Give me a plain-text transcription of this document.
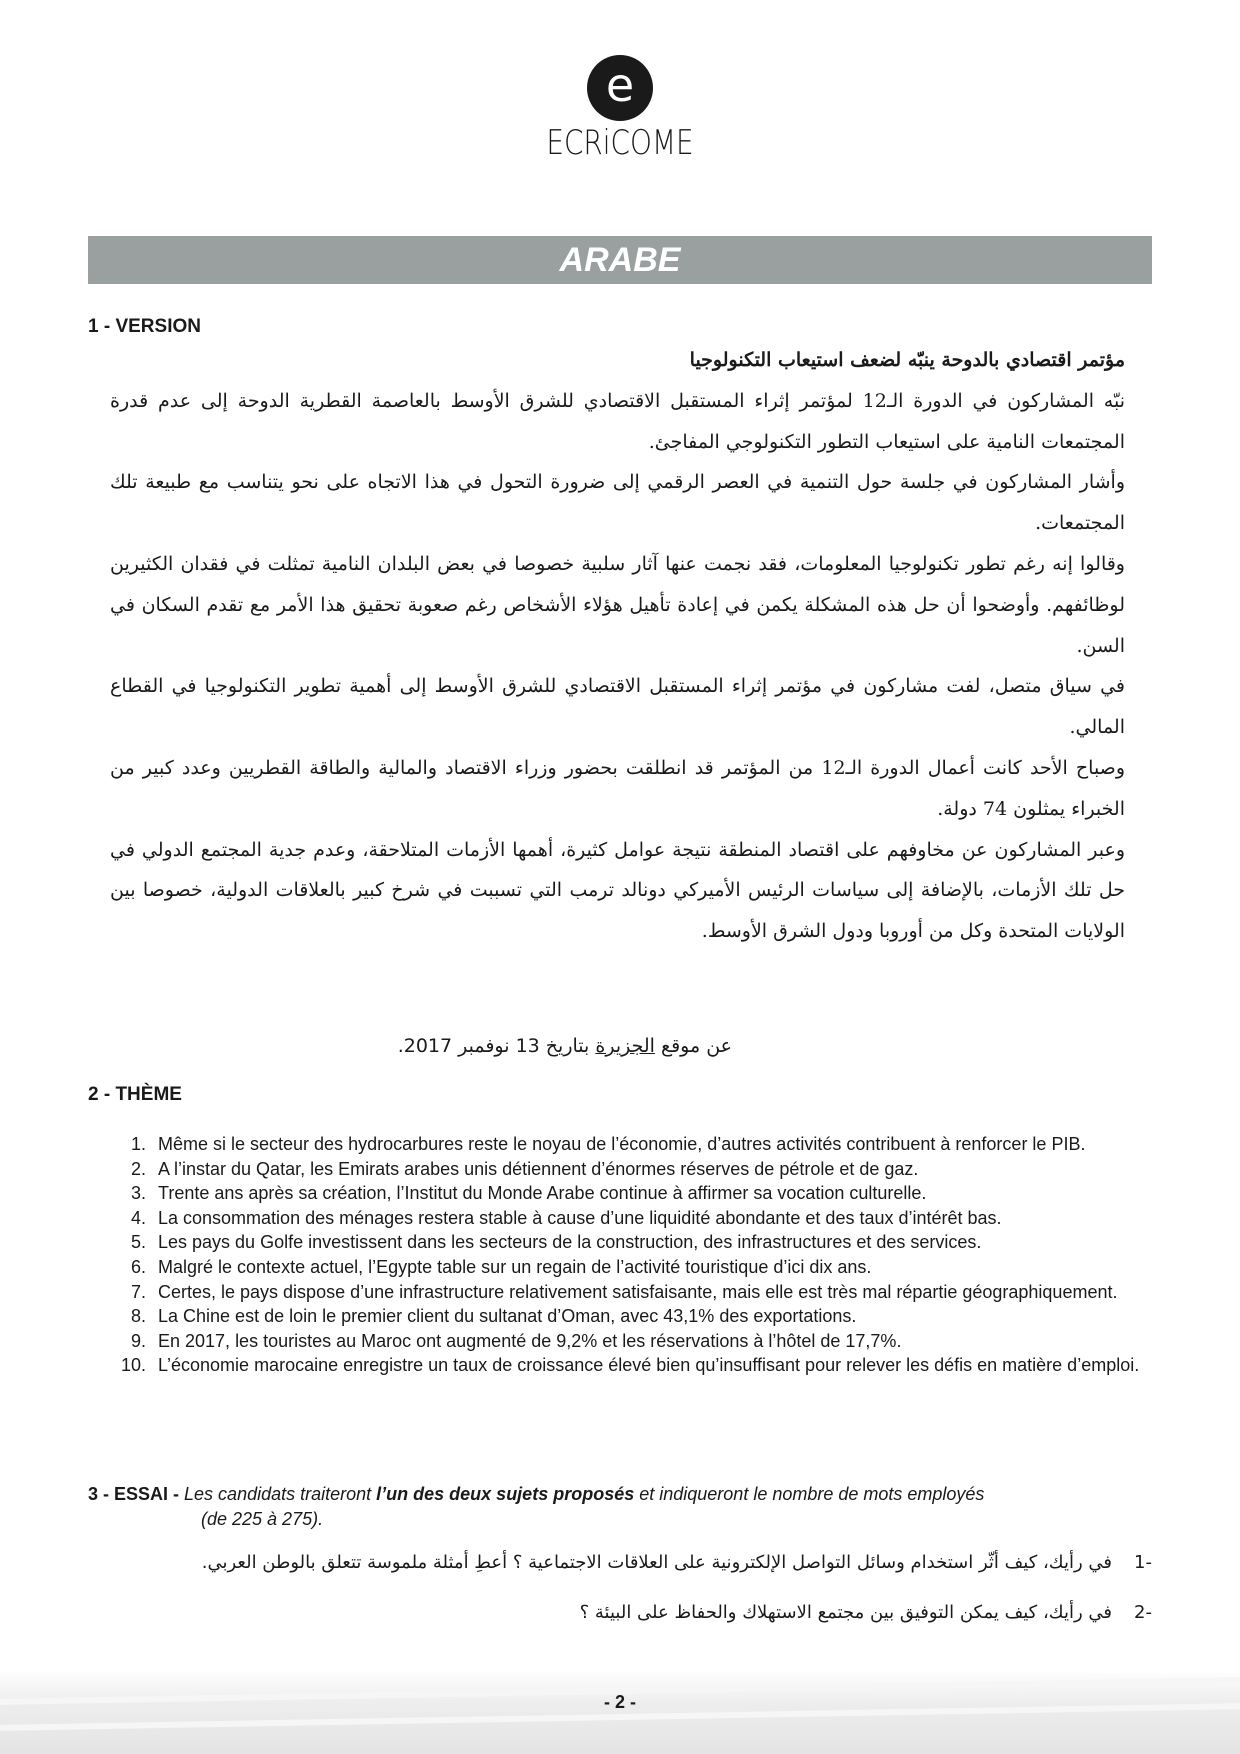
e
ECRiCOME
ARABE
1 - VERSION

مؤتمر اقتصادي بالدوحة ينبّه لضعف استيعاب التكنولوجيا

نبّه المشاركون في الدورة الـ12 لمؤتمر إثراء المستقبل الاقتصادي للشرق الأوسط بالعاصمة القطرية الدوحة إلى عدم قدرة المجتمعات النامية على استيعاب التطور التكنولوجي المفاجئ.

وأشار المشاركون في جلسة حول التنمية في العصر الرقمي إلى ضرورة التحول في هذا الاتجاه على نحو يتناسب مع طبيعة تلك المجتمعات.

وقالوا إنه رغم تطور تكنولوجيا المعلومات، فقد نجمت عنها آثار سلبية خصوصا في بعض البلدان النامية تمثلت في فقدان الكثيرين لوظائفهم. وأوضحوا أن حل هذه المشكلة يكمن في إعادة تأهيل هؤلاء الأشخاص رغم صعوبة تحقيق هذا الأمر مع تقدم السكان في السن.

في سياق متصل، لفت مشاركون في مؤتمر إثراء المستقبل الاقتصادي للشرق الأوسط إلى أهمية تطوير التكنولوجيا في القطاع المالي.

وصباح الأحد كانت أعمال الدورة الـ12 من المؤتمر قد انطلقت بحضور وزراء الاقتصاد والمالية والطاقة القطريين وعدد كبير من الخبراء يمثلون 74 دولة.

وعبر المشاركون عن مخاوفهم على اقتصاد المنطقة نتيجة عوامل كثيرة، أهمها الأزمات المتلاحقة، وعدم جدية المجتمع الدولي في حل تلك الأزمات، بالإضافة إلى سياسات الرئيس الأميركي دونالد ترمب التي تسببت في شرخ كبير بالعلاقات الدولية، خصوصا بين الولايات المتحدة وكل من أوروبا ودول الشرق الأوسط.

عن موقع الجزيرة بتاريخ 13 نوفمبر 2017.
2 - THÈME
1. Même si le secteur des hydrocarbures reste le noyau de l’économie, d’autres activités contribuent à renforcer le PIB.
2. A l’instar du Qatar, les Emirats arabes unis détiennent d’énormes réserves de pétrole et de gaz.
3. Trente ans après sa création, l’Institut du Monde Arabe continue à affirmer sa vocation culturelle.
4. La consommation des ménages restera stable à cause d’une liquidité abondante et des taux d’intérêt bas.
5. Les pays du Golfe investissent dans les secteurs de la construction, des infrastructures et des services.
6. Malgré le contexte actuel, l’Egypte table sur un regain de l’activité touristique d’ici dix ans.
7. Certes, le pays dispose d’une infrastructure relativement satisfaisante, mais elle est très mal répartie géographiquement.
8. La Chine est de loin le premier client du sultanat d’Oman, avec 43,1% des exportations.
9. En 2017, les touristes au Maroc ont augmenté de 9,2% et les réservations à l’hôtel de 17,7%.
10. L’économie marocaine enregistre un taux de croissance élevé bien qu’insuffisant pour relever les défis en matière d’emploi.
3 - ESSAI - Les candidats traiteront l’un des deux sujets proposés et indiqueront le nombre de mots employés
(de 225 à 275).
-1في رأيك، كيف أثّر استخدام وسائل التواصل الإلكترونية على العلاقات الاجتماعية ؟ أعطِ أمثلة ملموسة تتعلق بالوطن العربي.
-2في رأيك، كيف يمكن التوفيق بين مجتمع الاستهلاك والحفاظ على البيئة ؟
- 2 -
